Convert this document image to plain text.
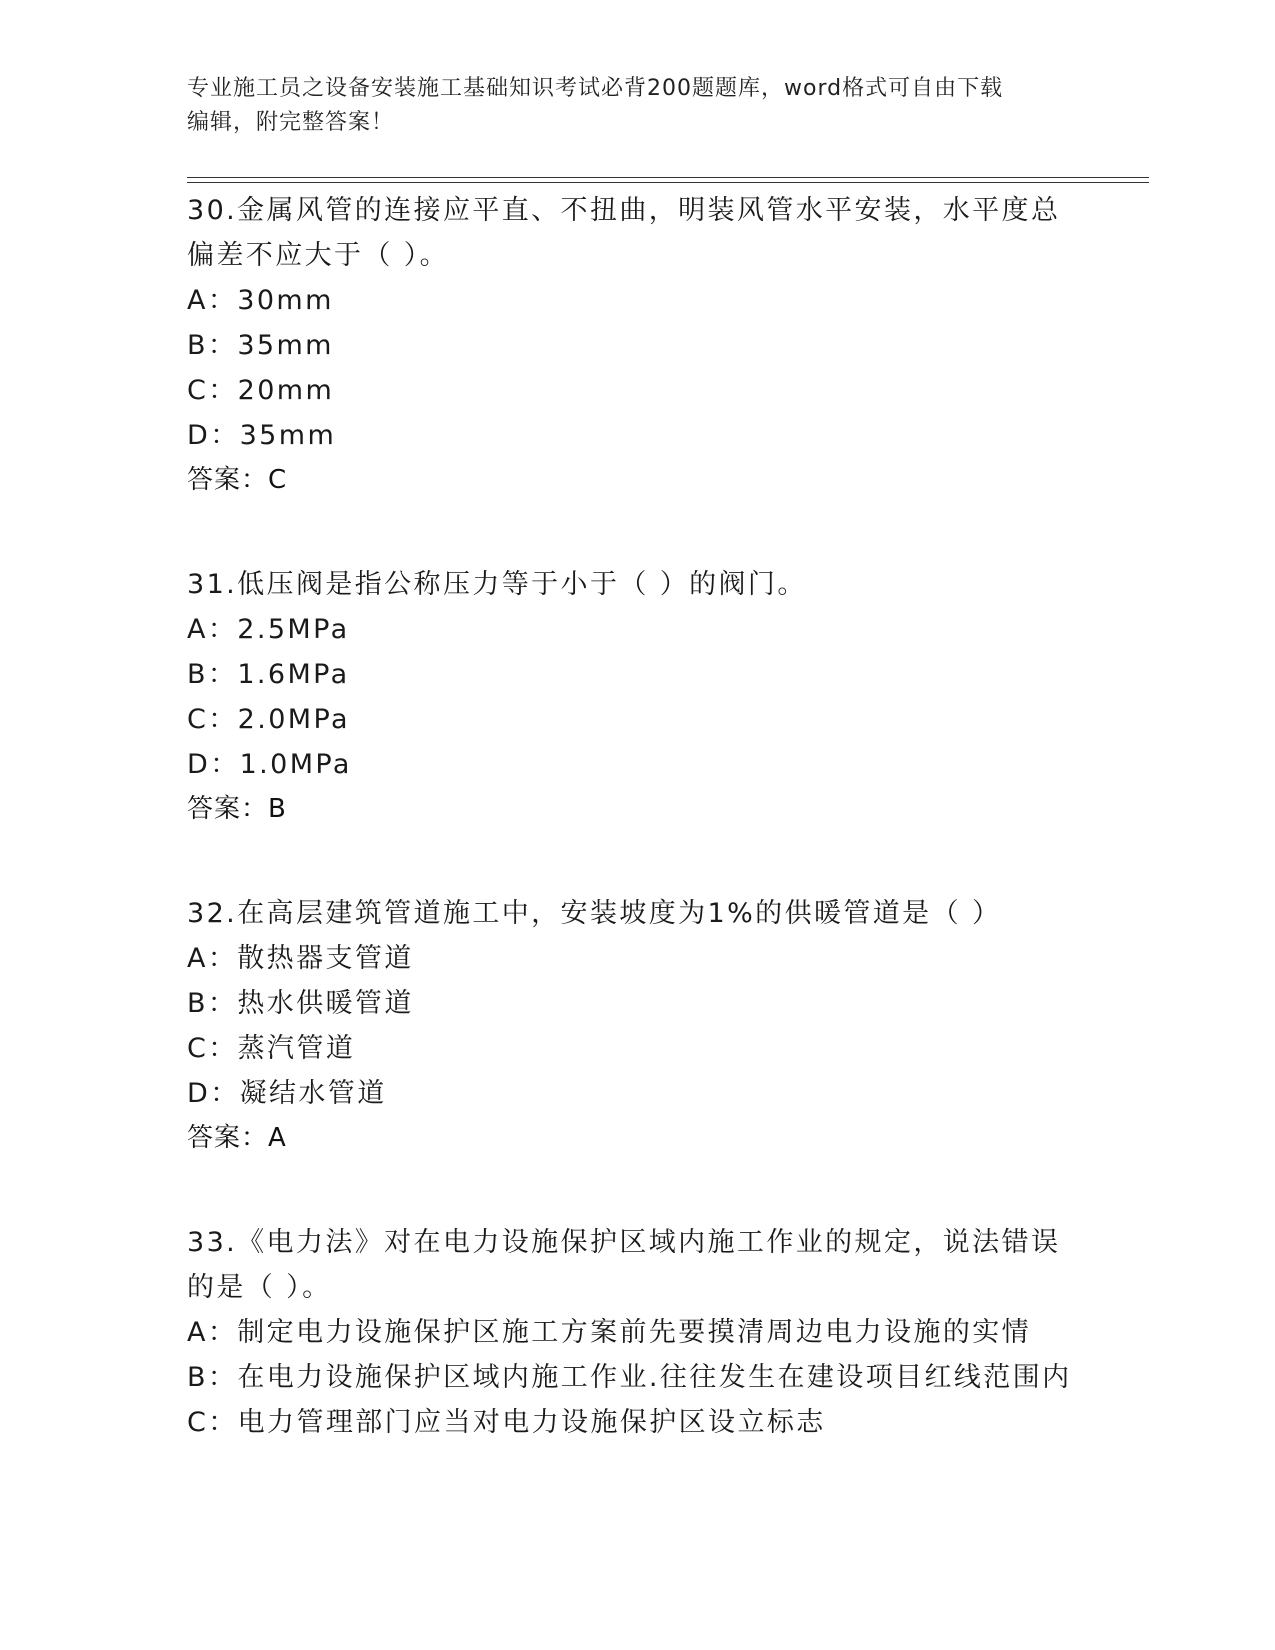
专业施工员之设备安装施工基础知识考试必背200题题库，word格式可自由下载
编辑，附完整答案！
30.金属风管的连接应平直、不扭曲，明装风管水平安装，水平度总偏差不应大于（ ）。
A：30mm
B：35mm
C：20mm
D：35mm
答案：C
31.低压阀是指公称压力等于小于（ ）的阀门。
A：2.5MPa
B：1.6MPa
C：2.0MPa
D：1.0MPa
答案：B
32.在高层建筑管道施工中，安装坡度为1%的供暖管道是（ ）
A：散热器支管道
B：热水供暖管道
C：蒸汽管道
D：凝结水管道
答案：A
33.《电力法》对在电力设施保护区域内施工作业的规定，说法错误的是（ ）。
A：制定电力设施保护区施工方案前先要摸清周边电力设施的实情
B：在电力设施保护区域内施工作业.往往发生在建设项目红线范围内
C：电力管理部门应当对电力设施保护区设立标志
